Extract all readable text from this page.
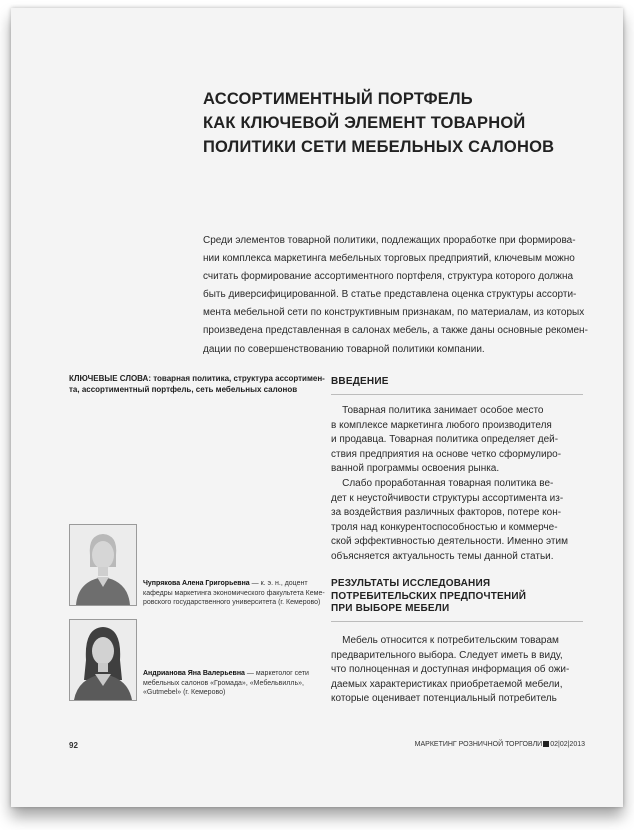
АССОРТИМЕНТНЫЙ ПОРТФЕЛЬ
КАК КЛЮЧЕВОЙ ЭЛЕМЕНТ ТОВАРНОЙ
ПОЛИТИКИ СЕТИ МЕБЕЛЬНЫХ САЛОНОВ
Среди элементов товарной политики, подлежащих проработке при формирова-
нии комплекса маркетинга мебельных торговых предприятий, ключевым можно
считать формирование ассортиментного портфеля, структура которого должна
быть диверсифицированной. В статье представлена оценка структуры ассорти-
мента мебельной сети по конструктивным признакам, по материалам, из которых
произведена представленная в салонах мебель, а также даны основные рекомен-
дации по совершенствованию товарной политики компании.
КЛЮЧЕВЫЕ СЛОВА: товарная политика, структура ассортимен-
та, ассортиментный портфель, сеть мебельных салонов
Чупрякова Алена Григорьевна — к. э. н., доцент
кафедры маркетинга экономического факультета Кеме-
ровского государственного университета (г. Кемерово)
Андрианова Яна Валерьевна — маркетолог сети
мебельных салонов «Громада», «Мебельвилль»,
«Gutmebel» (г. Кемерово)
ВВЕДЕНИЕ
Товарная политика занимает особое место
в комплексе маркетинга любого производителя
и продавца. Товарная политика определяет дей-
ствия предприятия на основе четко сформулиро-
ванной программы освоения рынка.
Слабо проработанная товарная политика ве-
дет к неустойчивости структуры ассортимента из-
за воздействия различных факторов, потере кон-
троля над конкурентоспособностью и коммерче-
ской эффективностью деятельности. Именно этим
объясняется актуальность темы данной статьи.
РЕЗУЛЬТАТЫ ИССЛЕДОВАНИЯ
ПОТРЕБИТЕЛЬСКИХ ПРЕДПОЧТЕНИЙ
ПРИ ВЫБОРЕ МЕБЕЛИ
Мебель относится к потребительским товарам
предварительного выбора. Следует иметь в виду,
что полноценная и доступная информация об ожи-
даемых характеристиках приобретаемой мебели,
которые оценивает потенциальный потребитель
92	МАРКЕТИНГ РОЗНИЧНОЙ ТОРГОВЛИ 02|02|2013
